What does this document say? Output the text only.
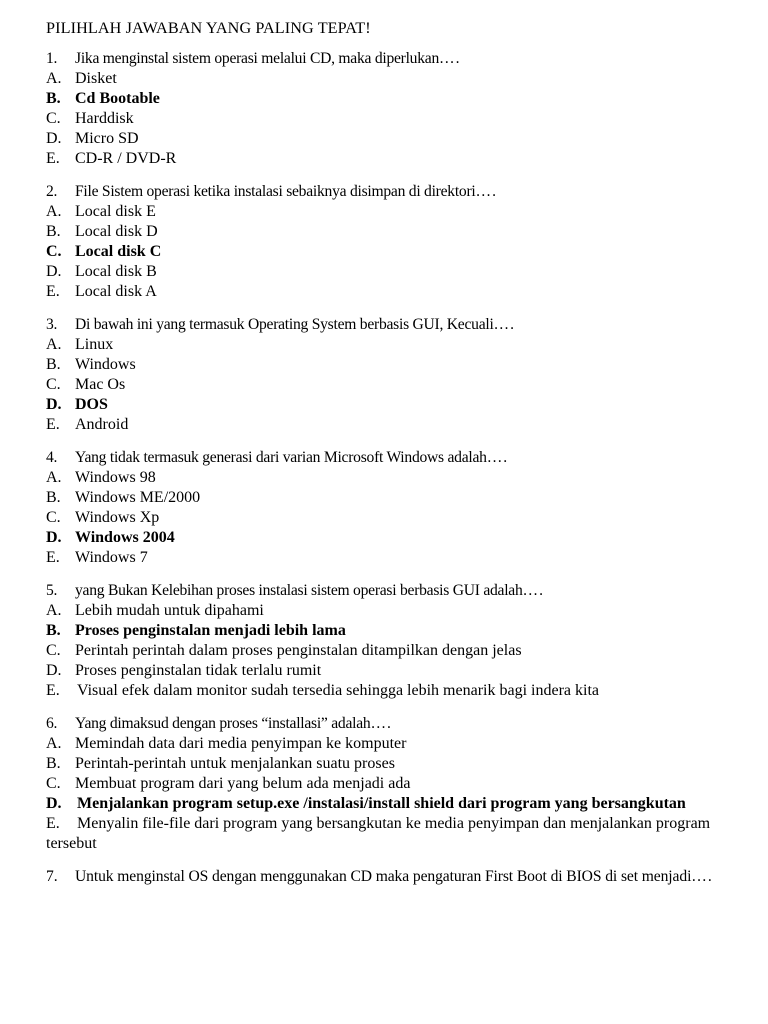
PILIHLAH JAWABAN YANG PALING TEPAT!
1. Jika menginstal sistem operasi melalui CD, maka diperlukan….
A. Disket
B. Cd Bootable
C. Harddisk
D. Micro SD
E. CD-R / DVD-R
2. File Sistem operasi ketika instalasi sebaiknya disimpan di direktori….
A. Local disk E
B. Local disk D
C. Local disk C
D. Local disk B
E. Local disk A
3. Di bawah ini yang termasuk Operating System berbasis GUI, Kecuali….
A. Linux
B. Windows
C. Mac Os
D. DOS
E. Android
4. Yang tidak termasuk generasi dari varian Microsoft Windows adalah….
A. Windows 98
B. Windows ME/2000
C. Windows Xp
D. Windows 2004
E. Windows 7
5. yang Bukan Kelebihan proses instalasi sistem operasi berbasis GUI adalah….
A. Lebih mudah untuk dipahami
B. Proses penginstalan menjadi lebih lama
C. Perintah perintah dalam proses penginstalan ditampilkan dengan jelas
D. Proses penginstalan tidak terlalu rumit
E. Visual efek dalam monitor sudah tersedia sehingga lebih menarik bagi indera kita
6. Yang dimaksud dengan proses “installasi” adalah….
A. Memindah data dari media penyimpan ke komputer
B. Perintah-perintah untuk menjalankan suatu proses
C. Membuat program dari yang belum ada menjadi ada
D. Menjalankan program setup.exe /instalasi/install shield dari program yang bersangkutan
E. Menyalin file-file dari program yang bersangkutan ke media penyimpan dan menjalankan program tersebut
7. Untuk menginstal OS dengan menggunakan CD maka pengaturan First Boot di BIOS di set menjadi….
